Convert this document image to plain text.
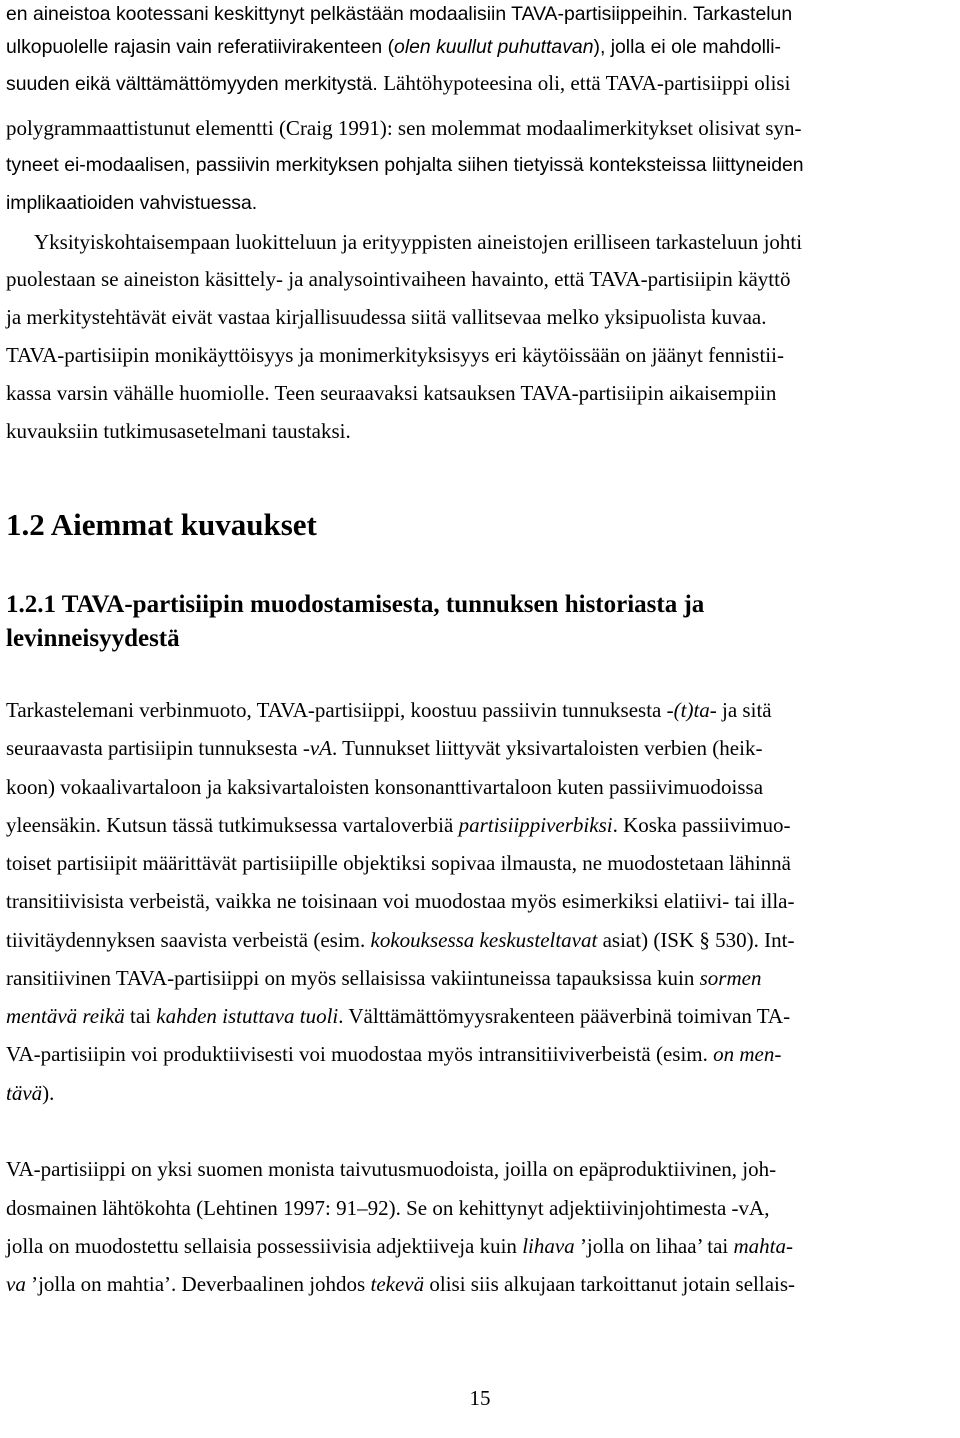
en aineistoa kootessani keskittynyt pelkästään modaalisiin TAVA-partisiippeihin. Tarkastelun
ulkopuolelle rajasin vain referatiivirakenteen (olen kuullut puhuttavan), jolla ei ole mahdolli-
suuden eikä välttämättömyyden merkitystä. Lähtöhypoteesina oli, että TAVA-partisiippi olisi
polygrammaattistunut elementti (Craig 1991): sen molemmat modaalimerkitykset olisivat syn-
tyneet ei-modaalisen, passiivin merkityksen pohjalta siihen tietyissä konteksteissa liittyneiden
implikaatioiden vahvistuessa.
Yksityiskohtaisempaan luokitteluun ja erityyppisten aineistojen erilliseen tarkasteluun johti
puolestaan se aineiston käsittely- ja analysointivaiheen havainto, että TAVA-partisiipin käyttö
ja merkitystehtävät eivät vastaa kirjallisuudessa siitä vallitsevaa melko yksipuolista kuvaa.
TAVA-partisiipin monikäyttöisyys ja monimerkityksisyys eri käytöissään on jäänyt fennistii-
kassa varsin vähälle huomiolle. Teen seuraavaksi katsauksen TAVA-partisiipin aikaisempiin
kuvauksiin tutkimusasetelmani taustaksi.
Tarkastelemani verbinmuoto, TAVA-partisiippi, koostuu passiivin tunnuksesta -(t)ta- ja sitä
seuraavasta partisiipin tunnuksesta -vA. Tunnukset liittyvät yksivartaloisten verbien (heik-
koon) vokaalivartaloon ja kaksivartaloisten konsonanttivartaloon kuten passiivimuodoissa
yleensäkin. Kutsun tässä tutkimuksessa vartaloverbiä partisiippiverbiksi. Koska passiivimuo-
toiset partisiipit määrittävät partisiipille objektiksi sopivaa ilmausta, ne muodostetaan lähinnä
transitiivisista verbeistä, vaikka ne toisinaan voi muodostaa myös esimerkiksi elatiivi- tai illa-
tiivitäydennyksen saavista verbeistä (esim. kokouksessa keskusteltavat asiat) (ISK § 530). Int-
ransitiivinen TAVA-partisiippi on myös sellaisissa vakiintuneissa tapauksissa kuin sormen
mentävä reikä tai kahden istuttava tuoli. Välttämättömyysrakenteen pääverbinä toimivan TA-
VA-partisiipin voi produktiivisesti voi muodostaa myös intransitiiviverbeistä (esim. on men-
tävä).
VA-partisiippi on yksi suomen monista taivutusmuodoista, joilla on epäproduktiivinen, joh-
dosmainen lähtökohta (Lehtinen 1997: 91–92). Se on kehittynyt adjektiivinjohtimesta -vA,
jolla on muodostettu sellaisia possessiivisia adjektiiveja kuin lihava ’jolla on lihaa’ tai mahta-
va ’jolla on mahtia’. Deverbaalinen johdos tekevä olisi siis alkujaan tarkoittanut jotain sellais-
1.2 Aiemmat kuvaukset
1.2.1 TAVA-partisiipin muodostamisesta, tunnuksen historiasta ja
levinneisyydestä
15
